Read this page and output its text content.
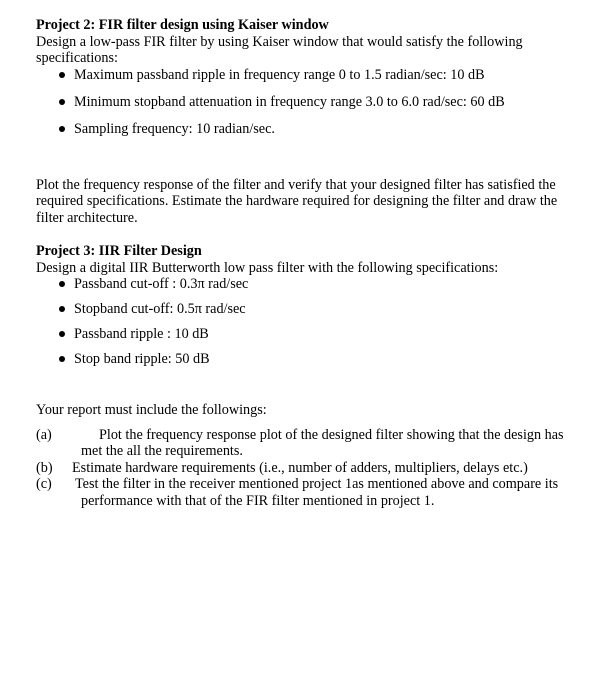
Project 2: FIR filter design using Kaiser window

Design a low-pass FIR filter by using Kaiser window that would satisfy the following specifications:

Maximum passband ripple in frequency range 0 to 1.5 radian/sec: 10 dB
Minimum stopband attenuation in frequency range 3.0 to 6.0 rad/sec: 60 dB
Sampling frequency: 10 radian/sec.

Plot the frequency response of the filter and verify that your designed filter has satisfied the required specifications. Estimate the hardware required for designing the filter and draw the filter architecture.

Project 3: IIR Filter Design

Design a digital IIR Butterworth low pass filter with the following specifications:

Passband cut-off : 0.3π rad/sec
Stopband cut-off: 0.5π rad/sec
Passband ripple : 10 dB
Stop band ripple: 50 dB

Your report must include the followings:

(a)	Plot the frequency response plot of the designed filter showing that the design has met the all the requirements.
(b) Estimate hardware requirements (i.e., number of adders, multipliers, delays etc.)
(c) Test the filter in the receiver mentioned project 1as mentioned above and compare its performance with that of the FIR filter mentioned in project 1.
